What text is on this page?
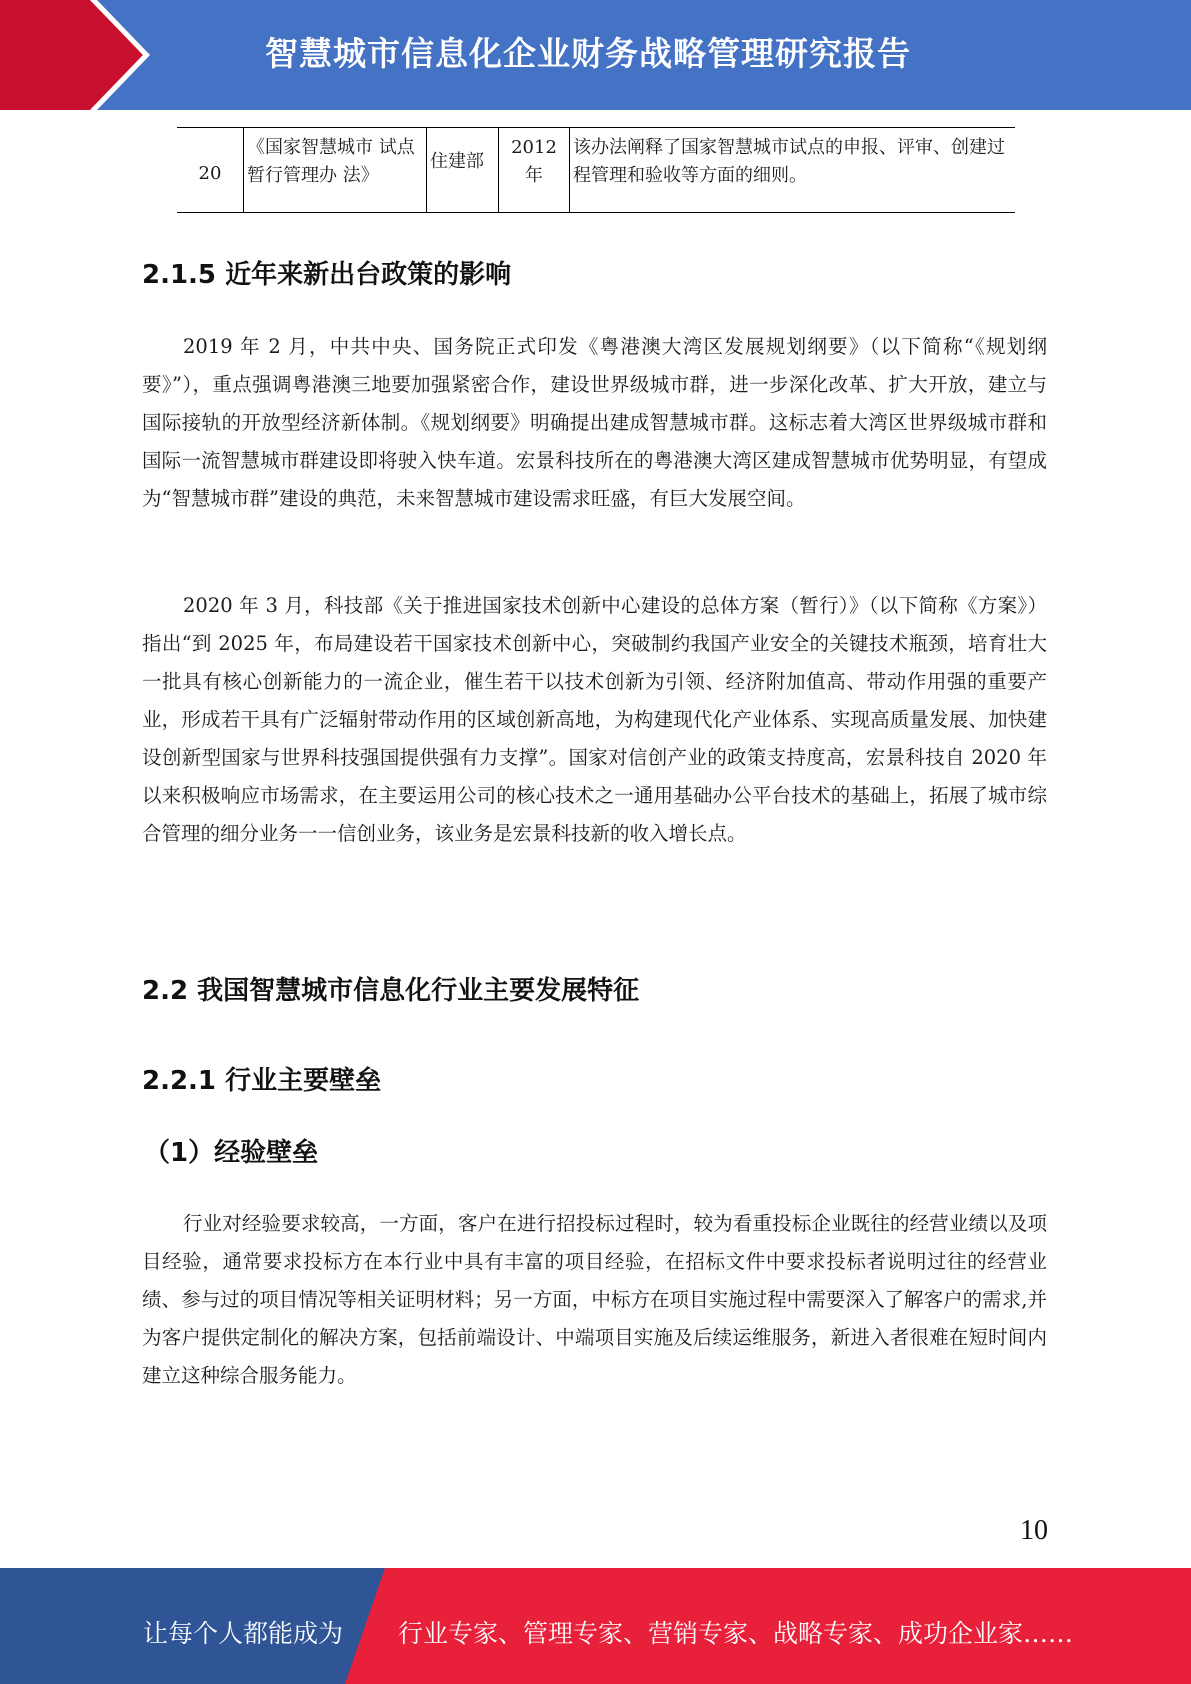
智慧城市信息化企业财务战略管理研究报告
20	《国家智慧城市 试点暂行管理办 法》	住建部	2012 年	该办法阐释了国家智慧城市试点的申报、评审、创建过程管理和验收等方面的细则。
2.1.5 近年来新出台政策的影响

2019 年 2 月，中共中央、国务院正式印发《粤港澳大湾区发展规划纲要》（以下简称“《规划纲要》”），重点强调粤港澳三地要加强紧密合作，建设世界级城市群，进一步深化改革、扩大开放，建立与国际接轨的开放型经济新体制。《规划纲要》明确提出建成智慧城市群。这标志着大湾区世界级城市群和国际一流智慧城市群建设即将驶入快车道。宏景科技所在的粤港澳大湾区建成智慧城市优势明显，有望成为“智慧城市群”建设的典范，未来智慧城市建设需求旺盛，有巨大发展空间。

2020 年 3 月，科技部《关于推进国家技术创新中心建设的总体方案（暂行）》（以下简称《方案》）指出“到 2025 年，布局建设若干国家技术创新中心，突破制约我国产业安全的关键技术瓶颈，培育壮大一批具有核心创新能力的一流企业，催生若干以技术创新为引领、经济附加值高、带动作用强的重要产业，形成若干具有广泛辐射带动作用的区域创新高地，为构建现代化产业体系、实现高质量发展、加快建设创新型国家与世界科技强国提供强有力支撑”。国家对信创产业的政策支持度高，宏景科技自 2020 年以来积极响应市场需求，在主要运用公司的核心技术之一通用基础办公平台技术的基础上，拓展了城市综合管理的细分业务一一信创业务，该业务是宏景科技新的收入增长点。

2.2 我国智慧城市信息化行业主要发展特征
2.2.1 行业主要壁垒
（1）经验壁垒

行业对经验要求较高，一方面，客户在进行招投标过程时，较为看重投标企业既往的经营业绩以及项目经验，通常要求投标方在本行业中具有丰富的项目经验，在招标文件中要求投标者说明过往的经营业绩、参与过的项目情况等相关证明材料；另一方面，中标方在项目实施过程中需要深入了解客户的需求,并为客户提供定制化的解决方案，包括前端设计、中端项目实施及后续运维服务，新进入者很难在短时间内建立这种综合服务能力。

10
让每个人都能成为 行业专家、管理专家、营销专家、战略专家、成功企业家……
